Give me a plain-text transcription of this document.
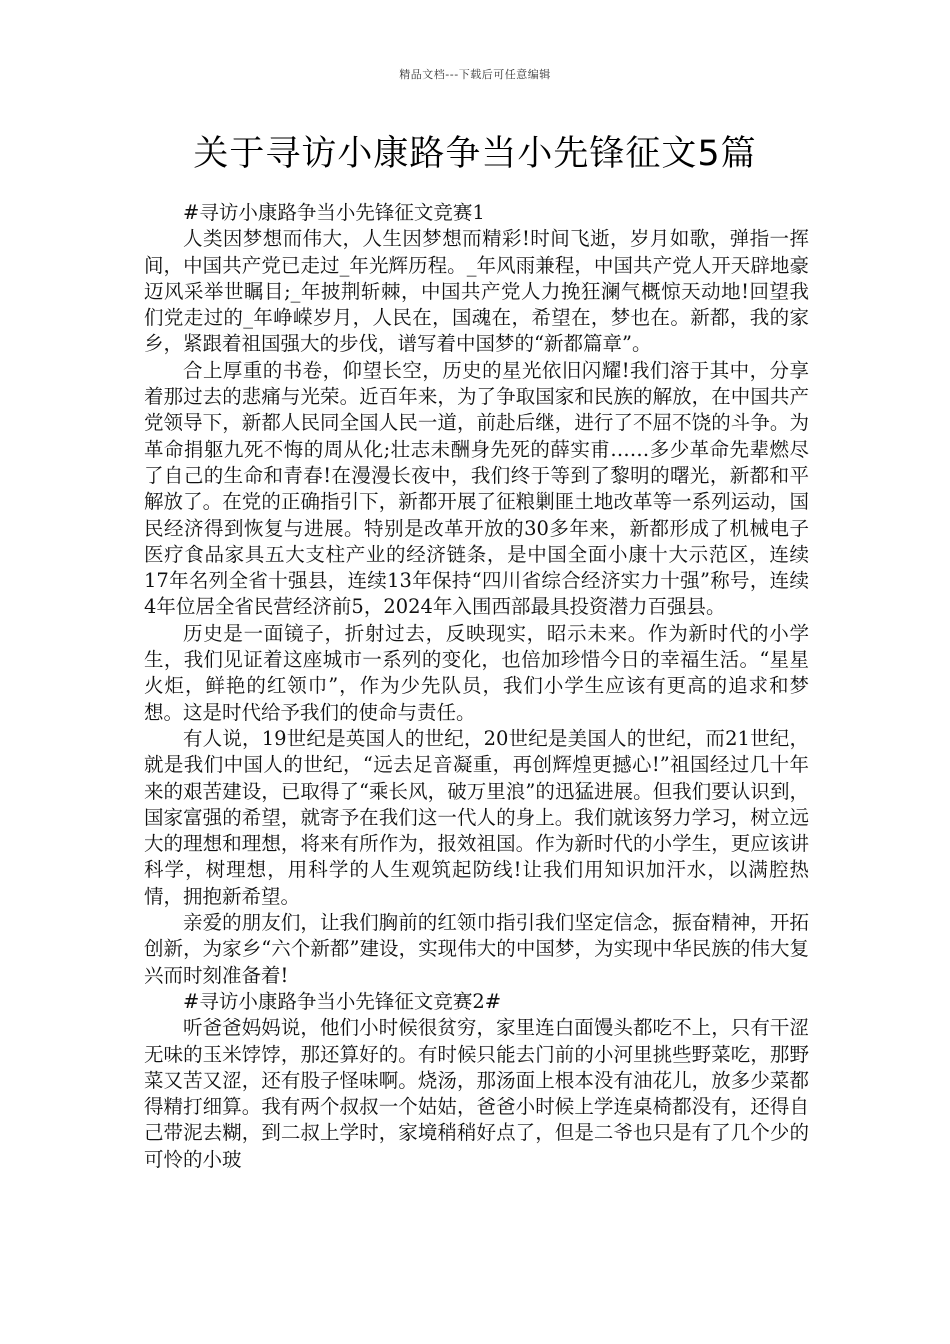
精品文档---下载后可任意编辑
关于寻访小康路争当小先锋征文5篇

#寻访小康路争当小先锋征文竞赛1

人类因梦想而伟大，人生因梦想而精彩!时间飞逝，岁月如歌，弹指一挥间，中国共产党已走过_年光辉历程。_年风雨兼程，中国共产党人开天辟地豪迈风采举世瞩目;_年披荆斩棘，中国共产党人力挽狂澜气概惊天动地!回望我们党走过的_年峥嵘岁月，人民在，国魂在，希望在，梦也在。新都，我的家乡，紧跟着祖国强大的步伐，谱写着中国梦的“新都篇章”。

合上厚重的书卷，仰望长空，历史的星光依旧闪耀!我们溶于其中，分享着那过去的悲痛与光荣。近百年来，为了争取国家和民族的解放，在中国共产党领导下，新都人民同全国人民一道，前赴后继，进行了不屈不饶的斗争。为革命捐躯九死不悔的周从化;壮志未酬身先死的薛实甫……多少革命先辈燃尽了自己的生命和青春!在漫漫长夜中，我们终于等到了黎明的曙光，新都和平解放了。在党的正确指引下，新都开展了征粮剿匪土地改革等一系列运动，国民经济得到恢复与进展。特别是改革开放的30多年来，新都形成了机械电子医疗食品家具五大支柱产业的经济链条，是中国全面小康十大示范区，连续17年名列全省十强县，连续13年保持“四川省综合经济实力十强”称号，连续4年位居全省民营经济前5，2024年入围西部最具投资潜力百强县。

历史是一面镜子，折射过去，反映现实，昭示未来。作为新时代的小学生，我们见证着这座城市一系列的变化，也倍加珍惜今日的幸福生活。“星星火炬，鲜艳的红领巾”，作为少先队员，我们小学生应该有更高的追求和梦想。这是时代给予我们的使命与责任。

有人说，19世纪是英国人的世纪，20世纪是美国人的世纪，而21世纪，就是我们中国人的世纪，“远去足音凝重，再创辉煌更撼心!”祖国经过几十年来的艰苦建设，已取得了“乘长风，破万里浪”的迅猛进展。但我们要认识到，国家富强的希望，就寄予在我们这一代人的身上。我们就该努力学习，树立远大的理想和理想，将来有所作为，报效祖国。作为新时代的小学生，更应该讲科学，树理想，用科学的人生观筑起防线!让我们用知识加汗水，以满腔热情，拥抱新希望。

亲爱的朋友们，让我们胸前的红领巾指引我们坚定信念，振奋精神，开拓创新，为家乡“六个新都”建设，实现伟大的中国梦，为实现中华民族的伟大复兴而时刻准备着!

#寻访小康路争当小先锋征文竞赛2#

听爸爸妈妈说，他们小时候很贫穷，家里连白面馒头都吃不上，只有干涩无味的玉米饽饽，那还算好的。有时候只能去门前的小河里挑些野菜吃，那野菜又苦又涩，还有股子怪味啊。烧汤，那汤面上根本没有油花儿，放多少菜都得精打细算。我有两个叔叔一个姑姑，爸爸小时候上学连桌椅都没有，还得自己带泥去糊，到二叔上学时，家境稍稍好点了，但是二爷也只是有了几个少的可怜的小玻
